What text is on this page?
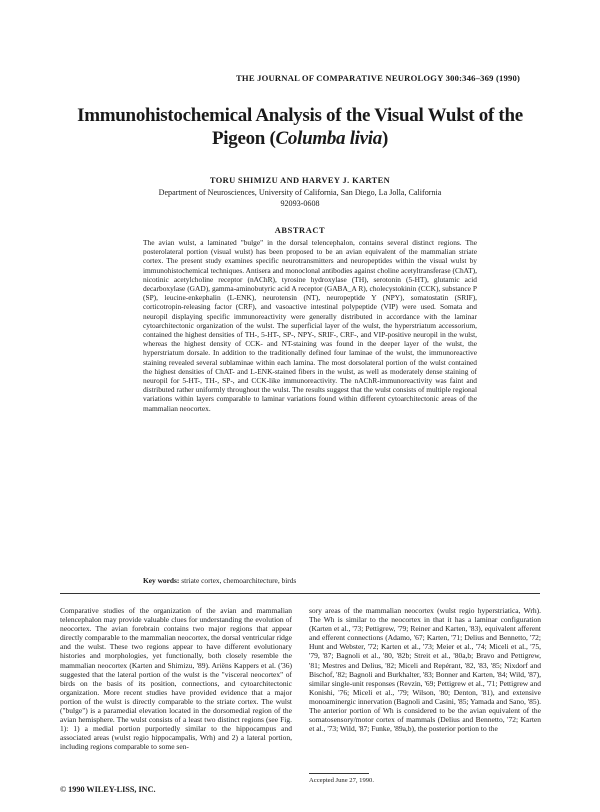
THE JOURNAL OF COMPARATIVE NEUROLOGY 300:346–369 (1990)
Immunohistochemical Analysis of the Visual Wulst of the Pigeon (Columba livia)
TORU SHIMIZU AND HARVEY J. KARTEN
Department of Neurosciences, University of California, San Diego, La Jolla, California 92093-0608
ABSTRACT
The avian wulst, a laminated "bulge" in the dorsal telencephalon, contains several distinct regions. The posterolateral portion (visual wulst) has been proposed to be an avian equivalent of the mammalian striate cortex. The present study examines specific neurotransmitters and neuropeptides within the visual wulst by immunohistochemical techniques. Antisera and monoclonal antibodies against choline acetyltransferase (ChAT), nicotinic acetylcholine receptor (nAChR), tyrosine hydroxylase (TH), serotonin (5-HT), glutamic acid decarboxylase (GAD), gamma-aminobutyric acid A receptor (GABA_A R), cholecystokinin (CCK), substance P (SP), leucine-enkephalin (L-ENK), neurotensin (NT), neuropeptide Y (NPY), somatostatin (SRIF), corticotropin-releasing factor (CRF), and vasoactive intestinal polypeptide (VIP) were used. Somata and neuropil displaying specific immunoreactivity were generally distributed in accordance with the laminar cytoarchitectonic organization of the wulst. The superficial layer of the wulst, the hyperstriatum accessorium, contained the highest densities of TH-, 5-HT-, SP-, NPY-, SRIF-, CRF-, and VIP-positive neuropil in the wulst, whereas the highest density of CCK- and NT-staining was found in the deeper layer of the wulst, the hyperstriatum dorsale. In addition to the traditionally defined four laminae of the wulst, the immunoreactive staining revealed several sublaminae within each lamina. The most dorsolateral portion of the wulst contained the highest densities of ChAT- and L-ENK-stained fibers in the wulst, as well as moderately dense staining of neuropil for 5-HT-, TH-, SP-, and CCK-like immunoreactivity. The nAChR-immunoreactivity was faint and distributed rather uniformly throughout the wulst. The results suggest that the wulst consists of multiple regional variations within layers comparable to laminar variations found within different cytoarchitectonic areas of the mammalian neocortex.
Key words: striate cortex, chemoarchitecture, birds
Comparative studies of the organization of the avian and mammalian telencephalon may provide valuable clues for understanding the evolution of neocortex. The avian forebrain contains two major regions that appear directly comparable to the mammalian neocortex, the dorsal ventricular ridge and the wulst. These two regions appear to have different evolutionary histories and morphologies, yet functionally, both closely resemble the mammalian neocortex (Karten and Shimizu, '89). Ariëns Kappers et al. ('36) suggested that the lateral portion of the wulst is the "visceral neocortex" of birds on the basis of its position, connections, and cytoarchitectonic organization. More recent studies have provided evidence that a major portion of the wulst is directly comparable to the striate cortex. The wulst ("bulge") is a paramedial elevation located in the dorsomedial region of the avian hemisphere. The wulst consists of a least two distinct regions (see Fig. 1): 1) a medial portion purportedly similar to the hippocampus and associated areas (wulst regio hippocampalis, Wrh) and 2) a lateral portion, including regions comparable to some sen-
sory areas of the mammalian neocortex (wulst regio hyperstriatica, Wrh). The Wh is similar to the neocortex in that it has a laminar configuration (Karten et al., '73; Pettigrew, '79; Reiner and Karten, '83), equivalent afferent and efferent connections (Adamo, '67; Karten, '71; Delius and Bennetto, '72; Hunt and Webster, '72; Karten et al., '73; Meier et al., '74; Miceli et al., '75, '79, '87; Bagnoli et al., '80, '82b; Streit et al., '80a,b; Bravo and Pettigrew, '81; Mestres and Delius, '82; Miceli and Repérant, '82, '83, '85; Nixdorf and Bischof, '82; Bagnoli and Burkhalter, '83; Bonner and Karten, '84; Wild, '87), similar single-unit responses (Revzin, '69; Pettigrew et al., '71; Pettigrew and Konishi, '76; Miceli et al., '79; Wilson, '80; Denton, '81), and extensive monoaminergic innervation (Bagnoli and Casini, '85; Yamada and Sano, '85). The anterior portion of Wh is considered to be the avian equivalent of the somatosensory/motor cortex of mammals (Delius and Bennetto, '72; Karten et al., '73; Wild, '87; Funke, '89a,b), the posterior portion to the
Accepted June 27, 1990.
© 1990 WILEY-LISS, INC.
